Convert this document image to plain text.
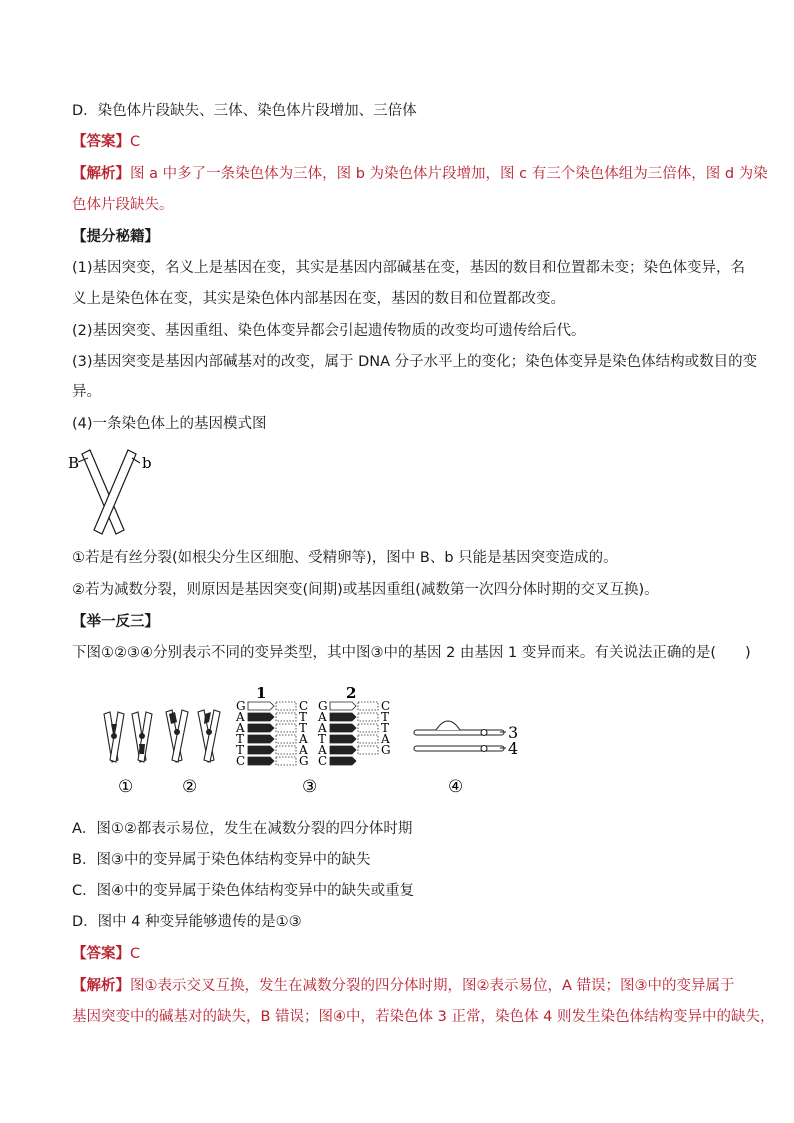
D．染色体片段缺失、三体、染色体片段增加、三倍体
【答案】C
【解析】图 a 中多了一条染色体为三体，图 b 为染色体片段增加，图 c 有三个染色体组为三倍体，图 d 为染
色体片段缺失。
【提分秘籍】
(1)基因突变，名义上是基因在变，其实是基因内部碱基在变，基因的数目和位置都未变；染色体变异，名
义上是染色体在变，其实是染色体内部基因在变，基因的数目和位置都改变。
(2)基因突变、基因重组、染色体变异都会引起遗传物质的改变均可遗传给后代。
(3)基因突变是基因内部碱基对的改变，属于 DNA 分子水平上的变化；染色体变异是染色体结构或数目的变
异。
(4)一条染色体上的基因模式图
B	b
①若是有丝分裂(如根尖分生区细胞、受精卵等)，图中 B、b 只能是基因突变造成的。
②若为减数分裂，则原因是基因突变(间期)或基因重组(减数第一次四分体时期的交叉互换)。
【举一反三】
下图①②③④分别表示不同的变异类型，其中图③中的基因 2 由基因 1 变异而来。有关说法正确的是(　　)
G	C
A	T
A	T
T	A
T	A
C	G
G	C
A	T
A	T
T	A
A	G
C
1	2
3
4
①	②	③	④
A．图①②都表示易位，发生在减数分裂的四分体时期
B．图③中的变异属于染色体结构变异中的缺失
C．图④中的变异属于染色体结构变异中的缺失或重复
D．图中 4 种变异能够遗传的是①③
【答案】C
【解析】图①表示交叉互换，发生在减数分裂的四分体时期，图②表示易位，A 错误；图③中的变异属于
基因突变中的碱基对的缺失，B 错误；图④中，若染色体 3 正常，染色体 4 则发生染色体结构变异中的缺失，
